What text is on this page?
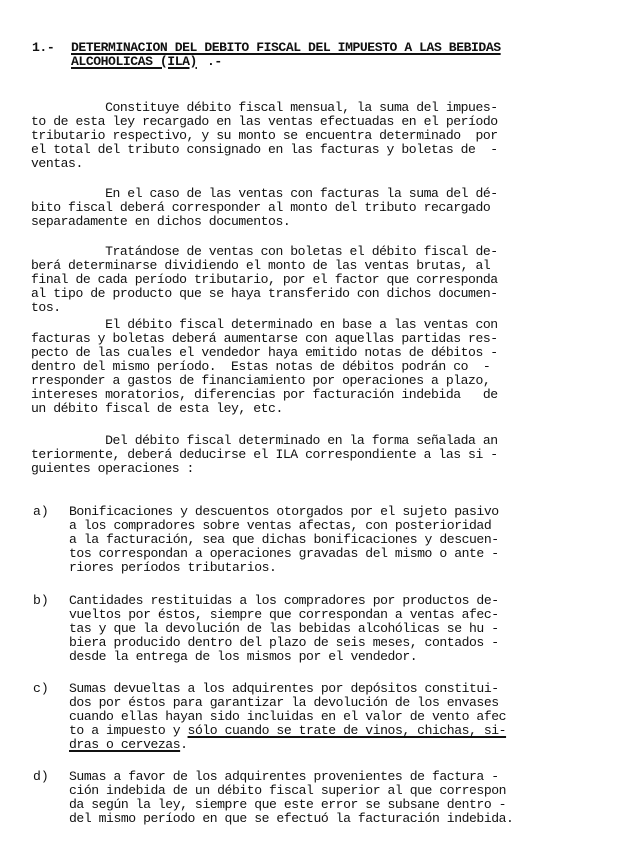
1.- DETERMINACION DEL DEBITO FISCAL DEL IMPUESTO A LAS BEBIDAS
ALCOHOLICAS (ILA) .-
Constituye débito fiscal mensual, la suma del impues-
to de esta ley recargado en las ventas efectuadas en el período
tributario respectivo, y su monto se encuentra determinado  por
el total del tributo consignado en las facturas y boletas de  -
ventas.
En el caso de las ventas con facturas la suma del dé-
bito fiscal deberá corresponder al monto del tributo recargado
separadamente en dichos documentos.
Tratándose de ventas con boletas el débito fiscal de-
berá determinarse dividiendo el monto de las ventas brutas, al
final de cada período tributario, por el factor que corresponda
al tipo de producto que se haya transferido con dichos documen-
tos.
El débito fiscal determinado en base a las ventas con
facturas y boletas deberá aumentarse con aquellas partidas res-
pecto de las cuales el vendedor haya emitido notas de débitos -
dentro del mismo período.  Estas notas de débitos podrán co  -
rresponder a gastos de financiamiento por operaciones a plazo,
intereses moratorios, diferencias por facturación indebida   de
un débito fiscal de esta ley, etc.
Del débito fiscal determinado en la forma señalada an
teriormente, deberá deducirse el ILA correspondiente a las si -
guientes operaciones :
a) Bonificaciones y descuentos otorgados por el sujeto pasivo
a los compradores sobre ventas afectas, con posterioridad
a la facturación, sea que dichas bonificaciones y descuen-
tos correspondan a operaciones gravadas del mismo o ante -
riores períodos tributarios.
b) Cantidades restituidas a los compradores por productos de-
vueltos por éstos, siempre que correspondan a ventas afec-
tas y que la devolución de las bebidas alcohólicas se hu -
biera producido dentro del plazo de seis meses, contados -
desde la entrega de los mismos por el vendedor.
c) Sumas devueltas a los adquirentes por depósitos constitui-
dos por éstos para garantizar la devolución de los envases
cuando ellas hayan sido incluidas en el valor de vento afec
to a impuesto y sólo cuando se trate de vinos, chichas, si-
dras o cervezas.
d) Sumas a favor de los adquirentes provenientes de factura -
ción indebida de un débito fiscal superior al que correspon
da según la ley, siempre que este error se subsane dentro -
del mismo período en que se efectuó la facturación indebida.
